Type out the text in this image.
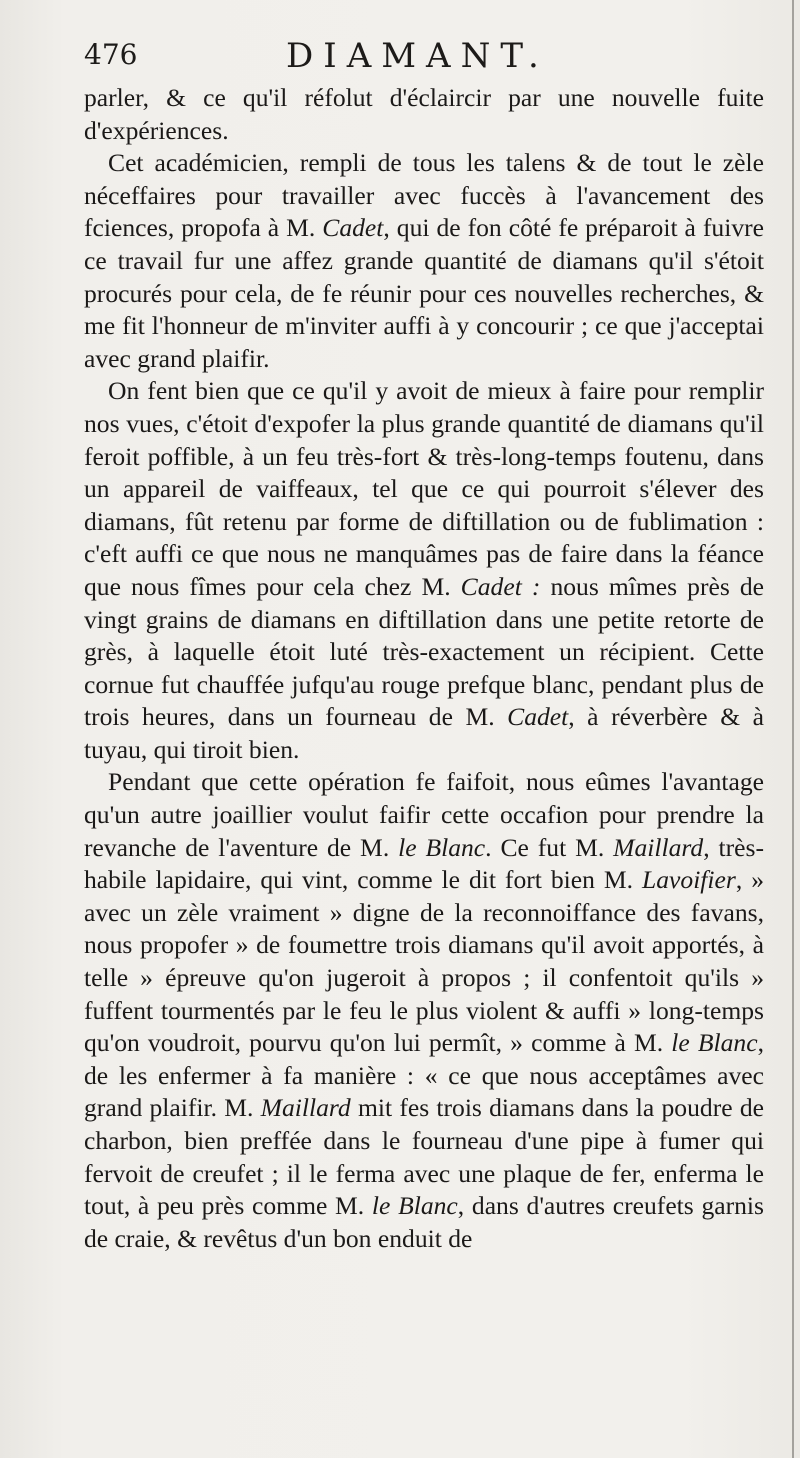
476	DIAMANT.

parler, & ce qu'il réfolut d'éclaircir par une nouvelle fuite d'expériences.

Cet académicien, rempli de tous les talens & de tout le zèle néceffaires pour travailler avec fuccès à l'avancement des fciences, propofa à M. Cadet, qui de fon côté fe préparoit à fuivre ce travail fur une affez grande quantité de diamans qu'il s'étoit procurés pour cela, de fe réunir pour ces nouvelles recherches, & me fit l'honneur de m'inviter auffi à y concourir ; ce que j'acceptai avec grand plaifir.

On fent bien que ce qu'il y avoit de mieux à faire pour remplir nos vues, c'étoit d'expofer la plus grande quantité de diamans qu'il feroit poffible, à un feu très-fort & très-long-temps foutenu, dans un appareil de vaiffeaux, tel que ce qui pourroit s'élever des diamans, fût retenu par forme de diftillation ou de fublimation : c'eft auffi ce que nous ne manquâmes pas de faire dans la féance que nous fîmes pour cela chez M. Cadet : nous mîmes près de vingt grains de diamans en diftillation dans une petite retorte de grès, à laquelle étoit luté très-exactement un récipient. Cette cornue fut chauffée jufqu'au rouge prefque blanc, pendant plus de trois heures, dans un fourneau de M. Cadet, à réverbère & à tuyau, qui tiroit bien.

Pendant que cette opération fe faifoit, nous eûmes l'avantage qu'un autre joaillier voulut faifir cette occafion pour prendre la revanche de l'aventure de M. le Blanc. Ce fut M. Maillard, très-habile lapidaire, qui vint, comme le dit fort bien M. Lavoifier, » avec un zèle vraiment » digne de la reconnoiffance des favans, nous propofer » de foumettre trois diamans qu'il avoit apportés, à telle » épreuve qu'on jugeroit à propos ; il confentoit qu'ils » fuffent tourmentés par le feu le plus violent & auffi » long-temps qu'on voudroit, pourvu qu'on lui permît, » comme à M. le Blanc, de les enfermer à fa manière : « ce que nous acceptâmes avec grand plaifir. M. Maillard mit fes trois diamans dans la poudre de charbon, bien preffée dans le fourneau d'une pipe à fumer qui fervoit de creufet ; il le ferma avec une plaque de fer, enferma le tout, à peu près comme M. le Blanc, dans d'autres creufets garnis de craie, & revêtus d'un bon enduit de
